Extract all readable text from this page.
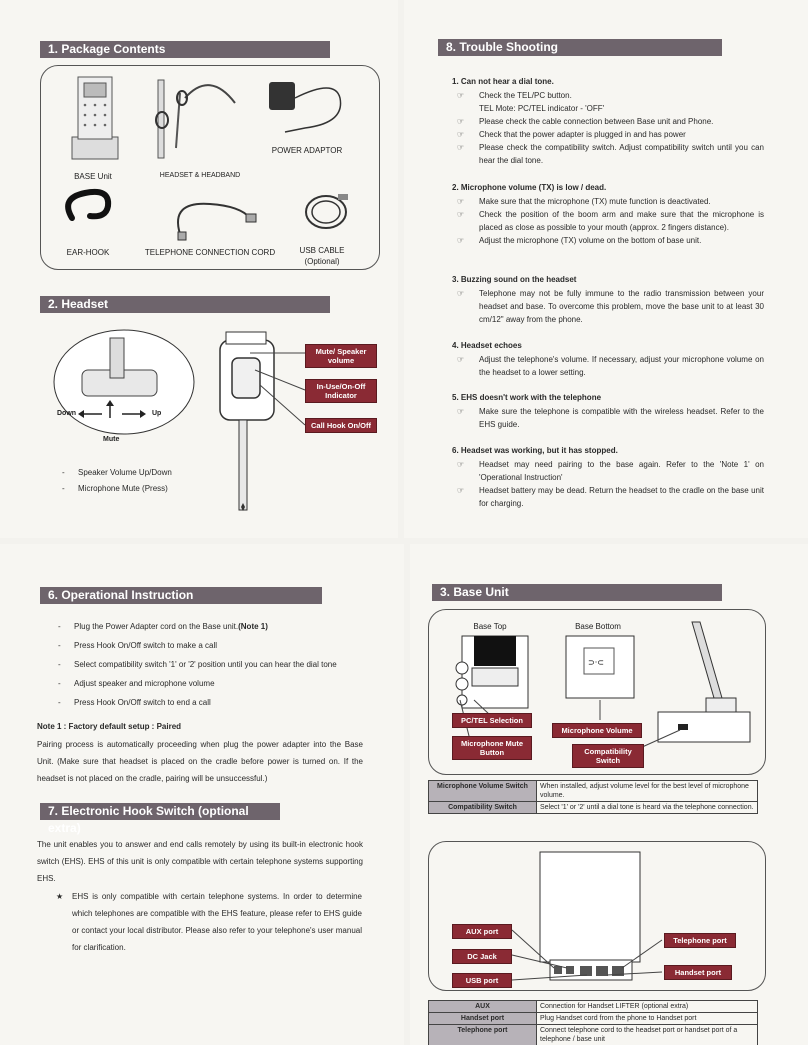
1. Package Contents
BASE Unit	HEADSET & HEADBAND
POWER ADAPTOR
EAR-HOOK	TELEPHONE CONNECTION CORD	USB CABLE
(Optional)
2. Headset
Down	Up
Mute
Mute/ Speaker volume
In-Use/On-Off Indicator
Call Hook On/Off
- Speaker Volume Up/Down
- Microphone Mute (Press)
8. Trouble Shooting
1. Can not hear a dial tone.
☞ Check the TEL/PC button.
TEL Mote: PC/TEL indicator - 'OFF'
☞ Please check the cable connection between Base unit and Phone.
☞ Check that the power adapter is plugged in and has power
☞ Please check the compatibility switch. Adjust compatibility switch until you can hear the dial tone.
2. Microphone volume (TX) is low / dead.
☞ Make sure that the microphone (TX) mute function is deactivated.
☞ Check the position of the boom arm and make sure that the microphone is placed as close as possible to your mouth (approx. 2 fingers distance).
☞ Adjust the microphone (TX) volume on the bottom of base unit.
3. Buzzing sound on the headset
☞ Telephone may not be fully immune to the radio transmission between your headset and base. To overcome this problem, move the base unit to at least 30 cm/12" away from the phone.
4. Headset echoes
☞ Adjust the telephone's volume. If necessary, adjust your microphone volume on the headset to a lower setting.
5. EHS doesn't work with the telephone
☞ Make sure the telephone is compatible with the wireless headset. Refer to the EHS guide.
6. Headset was working, but it has stopped.
☞ Headset may need pairing to the base again. Refer to the 'Note 1' on 'Operational Instruction'
☞ Headset battery may be dead. Return the headset to the cradle on the base unit for charging.
6. Operational Instruction
- Plug the Power Adapter cord on the Base unit.(Note 1)
- Press Hook On/Off switch to make a call
- Select compatibility switch '1' or '2' position until you can hear the dial tone
- Adjust speaker and microphone volume
- Press Hook On/Off switch to end a call
Note 1 : Factory default setup : Paired
Pairing process is automatically proceeding when plug the power adapter into the Base Unit. (Make sure that headset is placed on the cradle before power is turned on. If the headset is not placed on the cradle, pairing will be unsuccessful.)
7. Electronic Hook Switch (optional extra)
The unit enables you to answer and end calls remotely by using its built-in electronic hook switch (EHS). EHS of this unit is only compatible with certain telephone systems supporting EHS.
★	EHS is only compatible with certain telephone systems. In order to determine which telephones are compatible with the EHS feature, please refer to EHS guide or contact your local distributor. Please also refer to your telephone's user manual for clarification.
3. Base Unit
Base Top	Base Bottom
⊃·⊂
PC/TEL Selection
Microphone Mute Button
Microphone Volume
Compatibility Switch
Microphone Volume Switch	When installed, adjust volume level for the best level of microphone volume.
Compatibility Switch	Select '1' or '2' until a dial tone is heard via the telephone connection.
AUX port
DC Jack
USB port
Telephone port
Handset port
AUX	Connection for Handset LIFTER (optional extra)
Handset port	Plug Handset cord from the phone to Handset port
Telephone port	Connect telephone cord to the headset port or handset port of a telephone / base unit
